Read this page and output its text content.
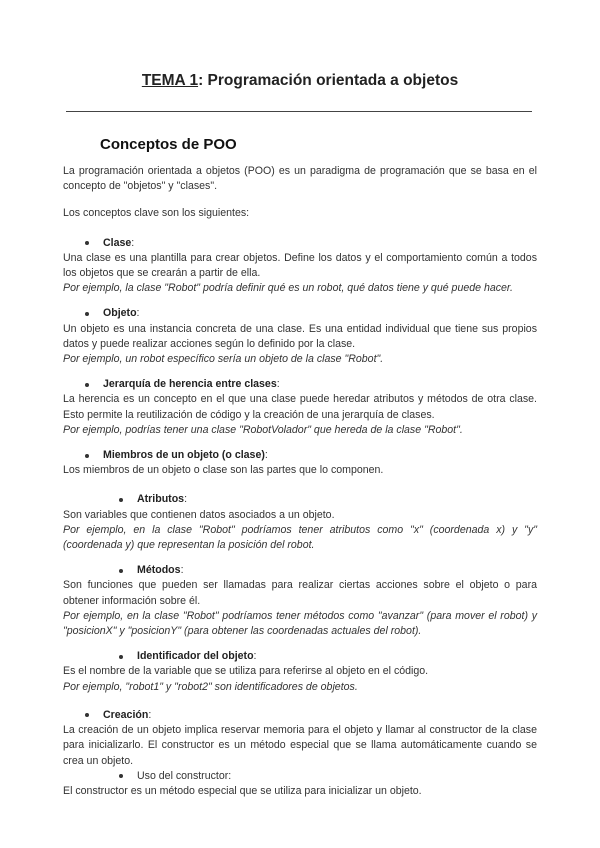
TEMA 1: Programación orientada a objetos
Conceptos de POO

La programación orientada a objetos (POO) es un paradigma de programación que se basa en el concepto de "objetos" y "clases".

Los conceptos clave son los siguientes:

Clase :

Una clase es una plantilla para crear objetos. Define los datos y el comportamiento común a todos los objetos que se crearán a partir de ella.

Por ejemplo, la clase "Robot" podría definir qué es un robot, qué datos tiene y qué puede hacer.

Objeto :

Un objeto es una instancia concreta de una clase. Es una entidad individual que tiene sus propios datos y puede realizar acciones según lo definido por la clase.

Por ejemplo, un robot específico sería un objeto de la clase "Robot".

Jerarquía de herencia entre clases :

La herencia es un concepto en el que una clase puede heredar atributos y métodos de otra clase. Esto permite la reutilización de código y la creación de una jerarquía de clases.

Por ejemplo, podrías tener una clase "RobotVolador" que hereda de la clase "Robot".

Miembros de un objeto (o clase) :

Los miembros de un objeto o clase son las partes que lo componen.

Atributos :

Son variables que contienen datos asociados a un objeto.

Por ejemplo, en la clase "Robot" podríamos tener atributos como "x" (coordenada x) y "y" (coordenada y) que representan la posición del robot.

Métodos :

Son funciones que pueden ser llamadas para realizar ciertas acciones sobre el objeto o para obtener información sobre él.

Por ejemplo, en la clase "Robot" podríamos tener métodos como "avanzar" (para mover el robot) y "posicionX" y "posicionY" (para obtener las coordenadas actuales del robot).

Identificador del objeto :

Es el nombre de la variable que se utiliza para referirse al objeto en el código.

Por ejemplo, "robot1" y "robot2" son identificadores de objetos.

Creación :

La creación de un objeto implica reservar memoria para el objeto y llamar al constructor de la clase para inicializarlo. El constructor es un método especial que se llama automáticamente cuando se crea un objeto.

Uso del constructor :

El constructor es un método especial que se utiliza para inicializar un objeto.
